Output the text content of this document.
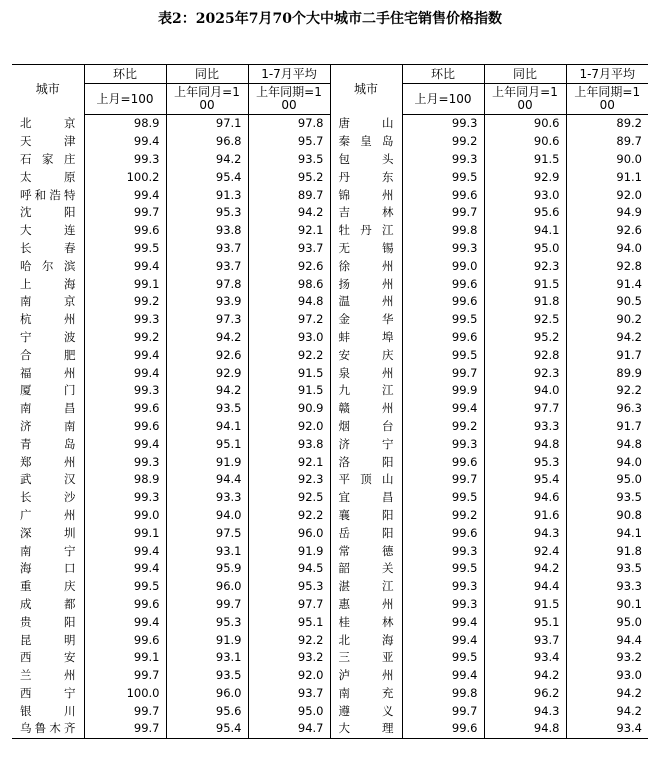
表2：2025年7月70个大中城市二手住宅销售价格指数
城市	环比	同比	1-7月平均	城市	环比	同比	1-7月平均
	上月=100	上年同月=100	上年同期=100		上月=100	上年同月=100	上年同期=100
北　京	98.9	97.1	97.8	唐　山	99.3	90.6	89.2
天　津	99.4	96.8	95.7	秦皇岛	99.2	90.6	89.7
石家庄	99.3	94.2	93.5	包　头	99.3	91.5	90.0
太　原	100.2	95.4	95.2	丹　东	99.5	92.9	91.1
呼和浩特	99.4	91.3	89.7	锦　州	99.6	93.0	92.0
沈　阳	99.7	95.3	94.2	吉　林	99.7	95.6	94.9
大　连	99.6	93.8	92.1	牡丹江	99.8	94.1	92.6
长　春	99.5	93.7	93.7	无　锡	99.3	95.0	94.0
哈尔滨	99.4	93.7	92.6	徐　州	99.0	92.3	92.8
上　海	99.1	97.8	98.6	扬　州	99.6	91.5	91.4
南　京	99.2	93.9	94.8	温　州	99.6	91.8	90.5
杭　州	99.3	97.3	97.2	金　华	99.5	92.5	90.2
宁　波	99.2	94.2	93.0	蚌　埠	99.6	95.2	94.2
合　肥	99.4	92.6	92.2	安　庆	99.5	92.8	91.7
福　州	99.4	92.9	91.5	泉　州	99.7	92.3	89.9
厦　门	99.3	94.2	91.5	九　江	99.9	94.0	92.2
南　昌	99.6	93.5	90.9	赣　州	99.4	97.7	96.3
济　南	99.6	94.1	92.0	烟　台	99.2	93.3	91.7
青　岛	99.4	95.1	93.8	济　宁	99.3	94.8	94.8
郑　州	99.3	91.9	92.1	洛　阳	99.6	95.3	94.0
武　汉	98.9	94.4	92.3	平顶山	99.7	95.4	95.0
长　沙	99.3	93.3	92.5	宜　昌	99.5	94.6	93.5
广　州	99.0	94.0	92.2	襄　阳	99.2	91.6	90.8
深　圳	99.1	97.5	96.0	岳　阳	99.6	94.3	94.1
南　宁	99.4	93.1	91.9	常　德	99.3	92.4	91.8
海　口	99.4	95.9	94.5	韶　关	99.5	94.2	93.5
重　庆	99.5	96.0	95.3	湛　江	99.3	94.4	93.3
成　都	99.6	99.7	97.7	惠　州	99.3	91.5	90.1
贵　阳	99.4	95.3	95.1	桂　林	99.4	95.1	95.0
昆　明	99.6	91.9	92.2	北　海	99.4	93.7	94.4
西　安	99.1	93.1	93.2	三　亚	99.5	93.4	93.2
兰　州	99.7	93.5	92.0	泸　州	99.4	94.2	93.0
西　宁	100.0	96.0	93.7	南　充	99.8	96.2	94.2
银　川	99.7	95.6	95.0	遵　义	99.7	94.3	94.2
乌鲁木齐	99.7	95.4	94.7	大　理	99.6	94.8	93.4
